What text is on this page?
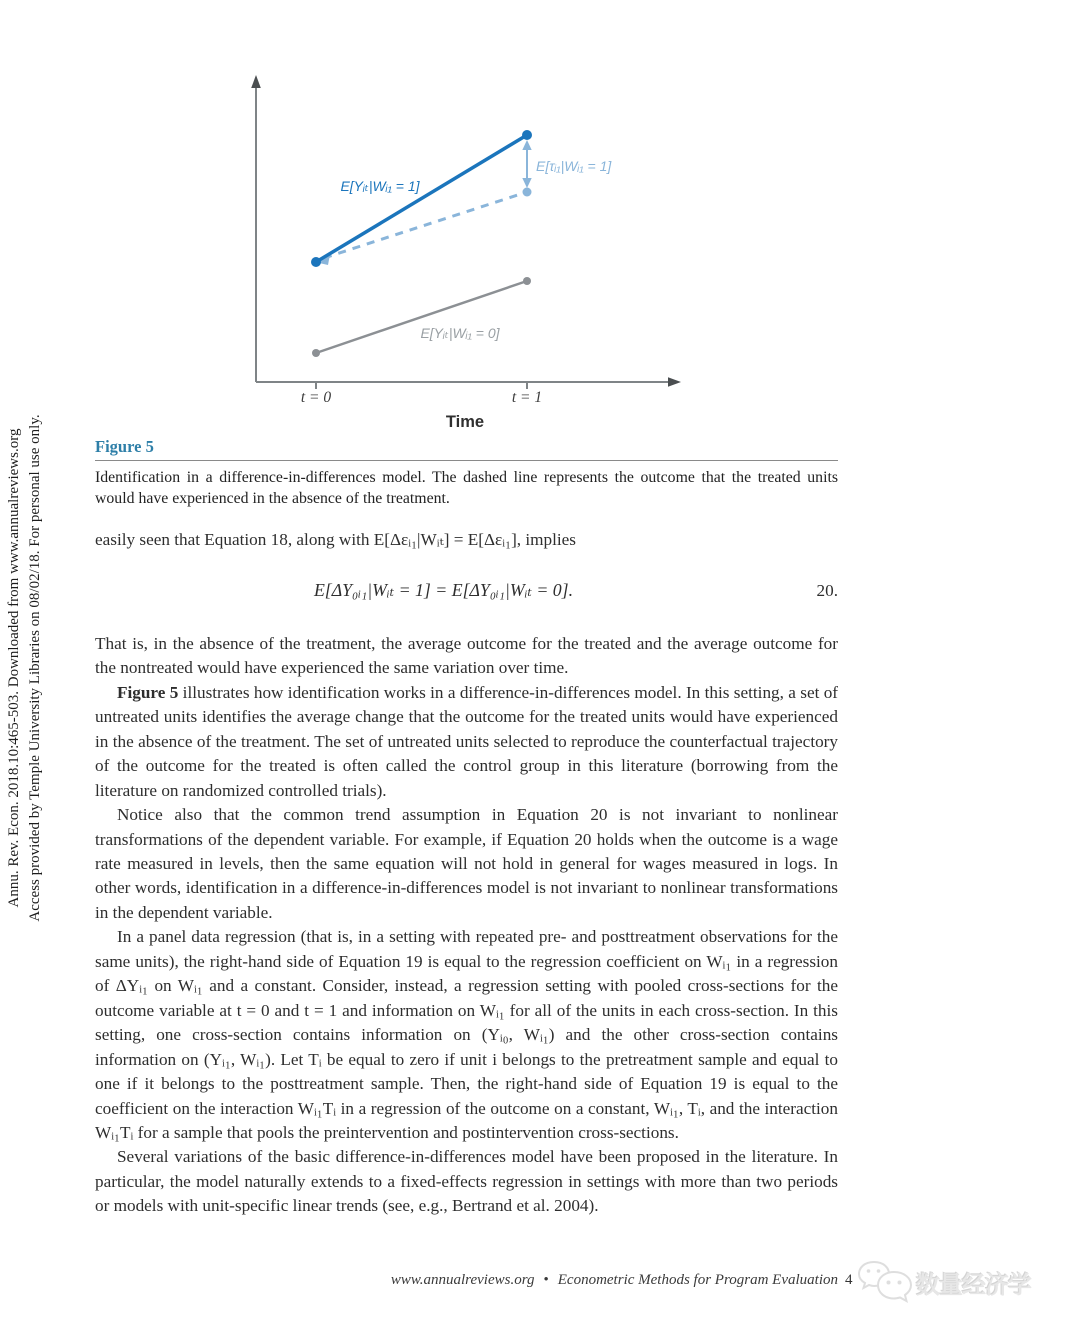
Annu. Rev. Econ. 2018.10:465-503. Downloaded from www.annualreviews.org Access provided by Temple University Libraries on 08/02/18. For personal use only.
E[Yᵢₜ|Wᵢ₁ = 1]
E[τᵢ₁|Wᵢ₁ = 1]
E[Yᵢₜ|Wᵢ₁ = 0]
t = 0	t = 1
Time
Figure 5
Identification in a difference-in-differences model. The dashed line represents the outcome that the treated units would have experienced in the absence of the treatment.

easily seen that Equation 18, along with E[Δεᵢ₁|Wᵢₜ] = E[Δεᵢ₁], implies

E[ΔY₀ᵢ₁|Wᵢₜ = 1] = E[ΔY₀ᵢ₁|Wᵢₜ = 0].	20.

That is, in the absence of the treatment, the average outcome for the treated and the average outcome for the nontreated would have experienced the same variation over time.

Figure 5 illustrates how identification works in a difference-in-differences model. In this setting, a set of untreated units identifies the average change that the outcome for the treated units would have experienced in the absence of the treatment. The set of untreated units selected to reproduce the counterfactual trajectory of the outcome for the treated is often called the control group in this literature (borrowing from the literature on randomized controlled trials).

Notice also that the common trend assumption in Equation 20 is not invariant to nonlinear transformations of the dependent variable. For example, if Equation 20 holds when the outcome is a wage rate measured in levels, then the same equation will not hold in general for wages measured in logs. In other words, identification in a difference-in-differences model is not invariant to nonlinear transformations in the dependent variable.

In a panel data regression (that is, in a setting with repeated pre- and posttreatment observations for the same units), the right-hand side of Equation 19 is equal to the regression coefficient on Wᵢ₁ in a regression of ΔYᵢ₁ on Wᵢ₁ and a constant. Consider, instead, a regression setting with pooled cross-sections for the outcome variable at t = 0 and t = 1 and information on Wᵢ₁ for all of the units in each cross-section. In this setting, one cross-section contains information on (Yᵢ₀, Wᵢ₁) and the other cross-section contains information on (Yᵢ₁, Wᵢ₁). Let Tᵢ be equal to zero if unit i belongs to the pretreatment sample and equal to one if it belongs to the posttreatment sample. Then, the right-hand side of Equation 19 is equal to the coefficient on the interaction Wᵢ₁Tᵢ in a regression of the outcome on a constant, Wᵢ₁, Tᵢ, and the interaction Wᵢ₁Tᵢ for a sample that pools the preintervention and postintervention cross-sections.

Several variations of the basic difference-in-differences model have been proposed in the literature. In particular, the model naturally extends to a fixed-effects regression in settings with more than two periods or models with unit-specific linear trends (see, e.g., Bertrand et al. 2004).

www.annualreviews.org • Econometric Methods for Program Evaluation 4	数量经济学
